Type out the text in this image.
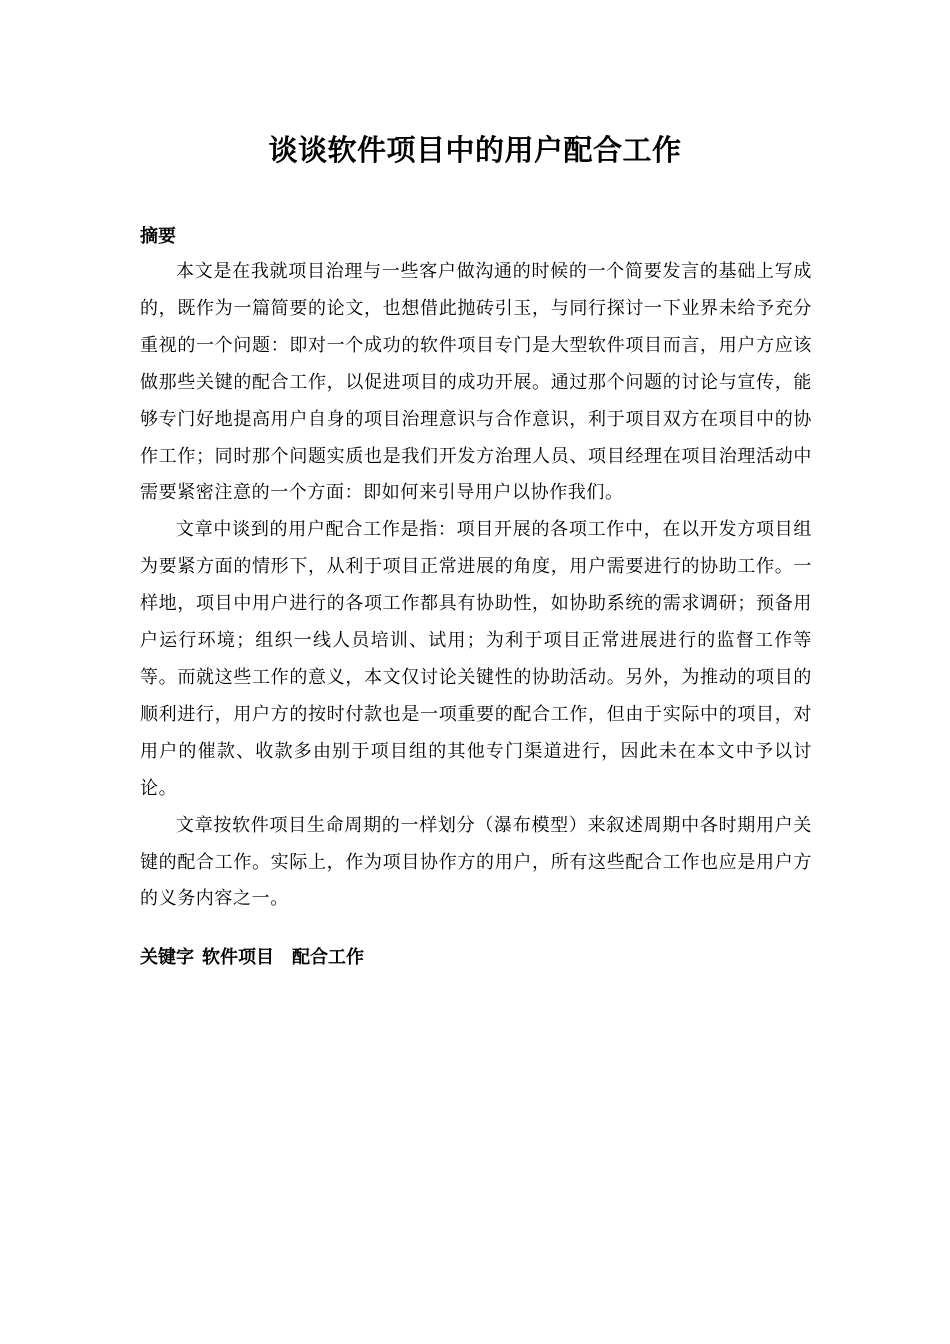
谈谈软件项目中的用户配合工作
摘要

本文是在我就项目治理与一些客户做沟通的时候的一个简要发言的基础上写成的，既作为一篇简要的论文，也想借此抛砖引玉，与同行探讨一下业界未给予充分重视的一个问题：即对一个成功的软件项目专门是大型软件项目而言，用户方应该做那些关键的配合工作，以促进项目的成功开展。通过那个问题的讨论与宣传，能够专门好地提高用户自身的项目治理意识与合作意识，利于项目双方在项目中的协作工作；同时那个问题实质也是我们开发方治理人员、项目经理在项目治理活动中需要紧密注意的一个方面：即如何来引导用户以协作我们。

文章中谈到的用户配合工作是指：项目开展的各项工作中，在以开发方项目组为要紧方面的情形下，从利于项目正常进展的角度，用户需要进行的协助工作。一样地，项目中用户进行的各项工作都具有协助性，如协助系统的需求调研；预备用户运行环境；组织一线人员培训、试用；为利于项目正常进展进行的监督工作等等。而就这些工作的意义，本文仅讨论关键性的协助活动。另外，为推动的项目的顺利进行，用户方的按时付款也是一项重要的配合工作，但由于实际中的项目，对用户的催款、收款多由别于项目组的其他专门渠道进行，因此未在本文中予以讨论。

文章按软件项目生命周期的一样划分（瀑布模型）来叙述周期中各时期用户关键的配合工作。实际上，作为项目协作方的用户，所有这些配合工作也应是用户方的义务内容之一。

关键字 软件项目 配合工作
